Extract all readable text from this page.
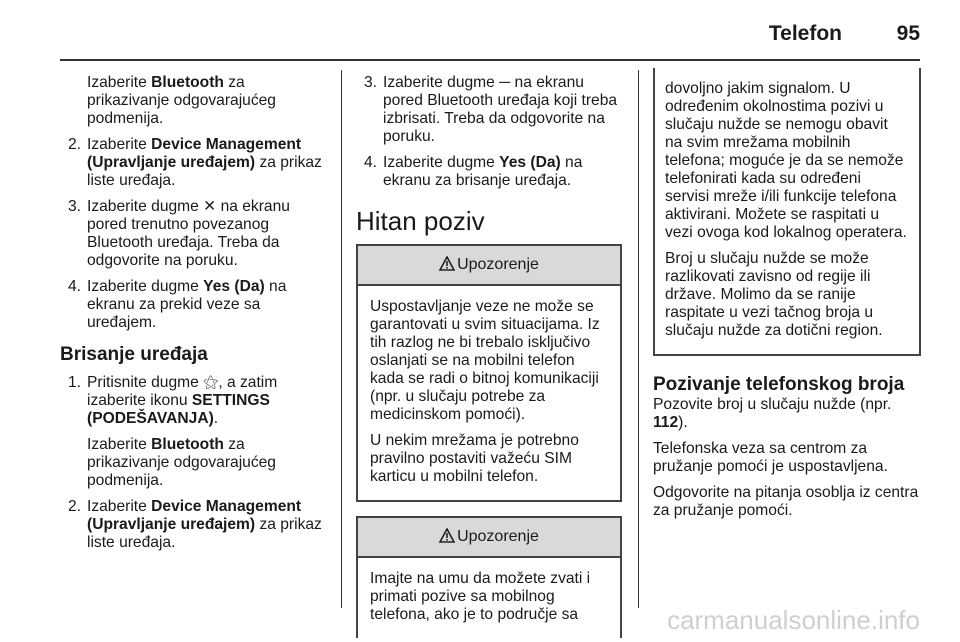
Telefon	95

Izaberite Bluetooth za prikazivanje odgovarajućeg podmenija.

2. Izaberite Device Management (Upravljanje uređajem) za prikaz liste uređaja.
3. Izaberite dugme ✕ na ekranu pored trenutno povezanog Bluetooth uređaja. Treba da odgovorite na poruku.
4. Izaberite dugme Yes (Da) na ekranu za prekid veze sa uređajem.
Brisanje uređaja
1. Pritisnite dugme ⚝, a zatim izaberite ikonu SETTINGS (PODEŠAVANJA).

Izaberite Bluetooth za prikazivanje odgovarajućeg podmenija.

2. Izaberite Device Management (Upravljanje uređajem) za prikaz liste uređaja.
3. Izaberite dugme ─ na ekranu pored Bluetooth uređaja koji treba izbrisati. Treba da odgovorite na poruku.
4. Izaberite dugme Yes (Da) na ekranu za brisanje uređaja.
Hitan poziv
Upozorenje

Uspostavljanje veze ne može se garantovati u svim situacijama. Iz tih razlog ne bi trebalo isključivo oslanjati se na mobilni telefon kada se radi o bitnoj komunikaciji (npr. u slučaju potrebe za medicinskom pomoći).

U nekim mrežama je potrebno pravilno postaviti važeću SIM karticu u mobilni telefon.

Upozorenje

Imajte na umu da možete zvati i primati pozive sa mobilnog telefona, ako je to područje sa

dovoljno jakim signalom. U određenim okolnostima pozivi u slučaju nužde se nemogu obavit na svim mrežama mobilnih telefona; moguće je da se nemože telefonirati kada su određeni servisi mreže i/ili funkcije telefona aktivirani. Možete se raspitati u vezi ovoga kod lokalnog operatera.

Broj u slučaju nužde se može razlikovati zavisno od regije ili države. Molimo da se ranije raspitate u vezi tačnog broja u slučaju nužde za dotični region.

Pozivanje telefonskog broja

Pozovite broj u slučaju nužde (npr. 112).

Telefonska veza sa centrom za pružanje pomoći je uspostavljena.

Odgovorite na pitanja osoblja iz centra za pružanje pomoći.

carmanualsonline.info
